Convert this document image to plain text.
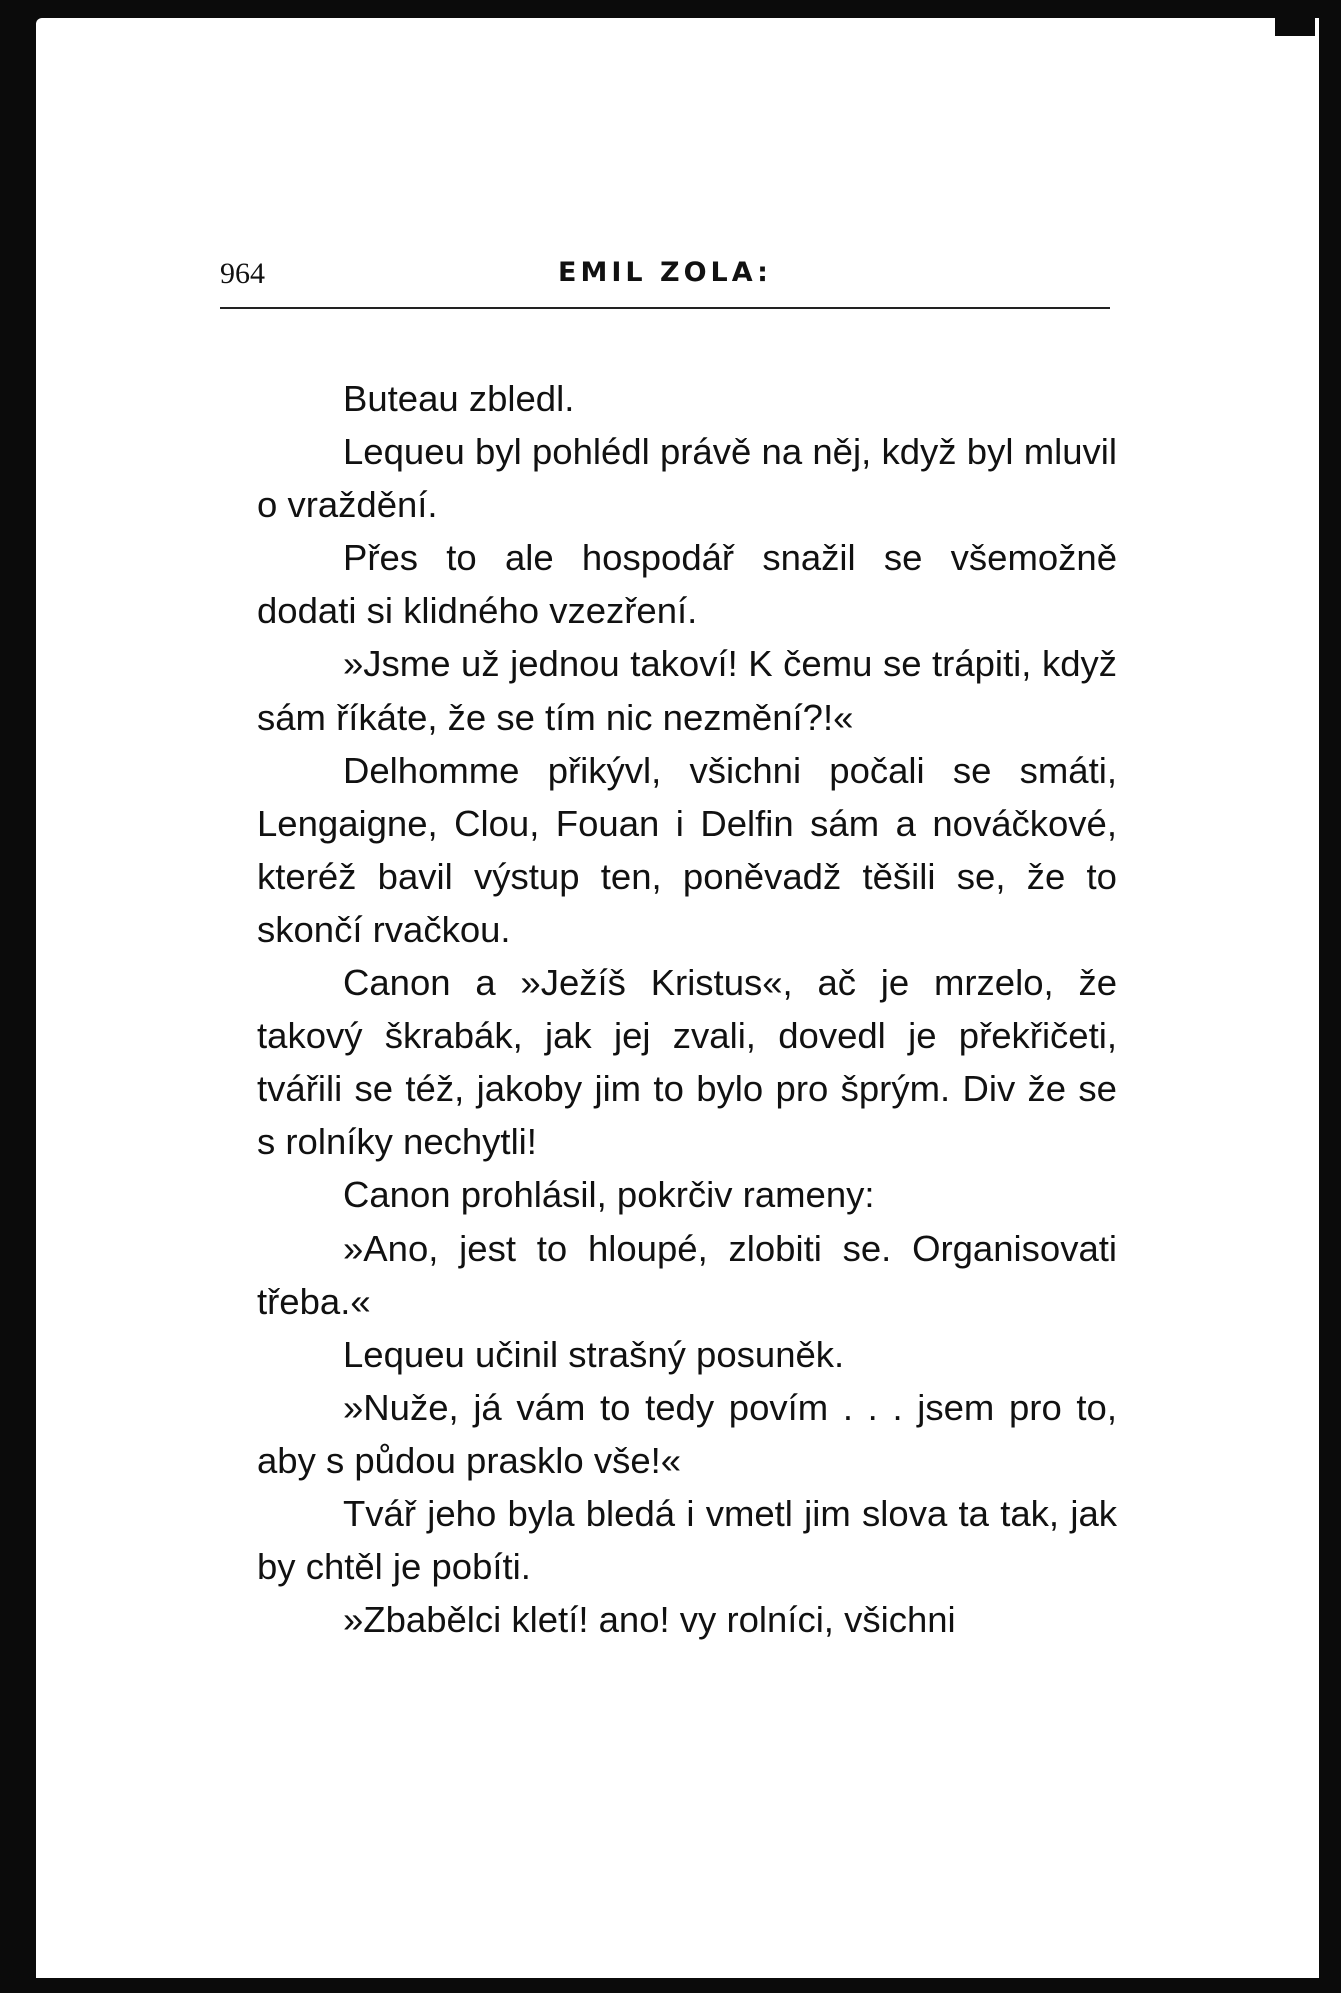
964	EMIL ZOLA:

Buteau zbledl.

Lequeu byl pohlédl právě na něj, když byl mluvil o vraždění.

Přes to ale hospodář snažil se všemožně dodati si klidného vzezření.

»Jsme už jednou takoví! K čemu se trápiti, když sám říkáte, že se tím nic nezmění?!«

Delhomme přikývl, všichni počali se smáti, Lengaigne, Clou, Fouan i Delfin sám a nováčkové, kteréž bavil výstup ten, poněvadž těšili se, že to skončí rvačkou.

Canon a »Ježíš Kristus«, ač je mrzelo, že takový škrabák, jak jej zvali, dovedl je překřičeti, tvářili se též, jakoby jim to bylo pro šprým. Div že se s rolníky nechytli!

Canon prohlásil, pokrčiv rameny:

»Ano, jest to hloupé, zlobiti se. Organisovati třeba.«

Lequeu učinil strašný posuněk.

»Nuže, já vám to tedy povím . . . jsem pro to, aby s půdou prasklo vše!«

Tvář jeho byla bledá i vmetl jim slova ta tak, jak by chtěl je pobíti.

»Zbabělci kletí! ano! vy rolníci, všichni
